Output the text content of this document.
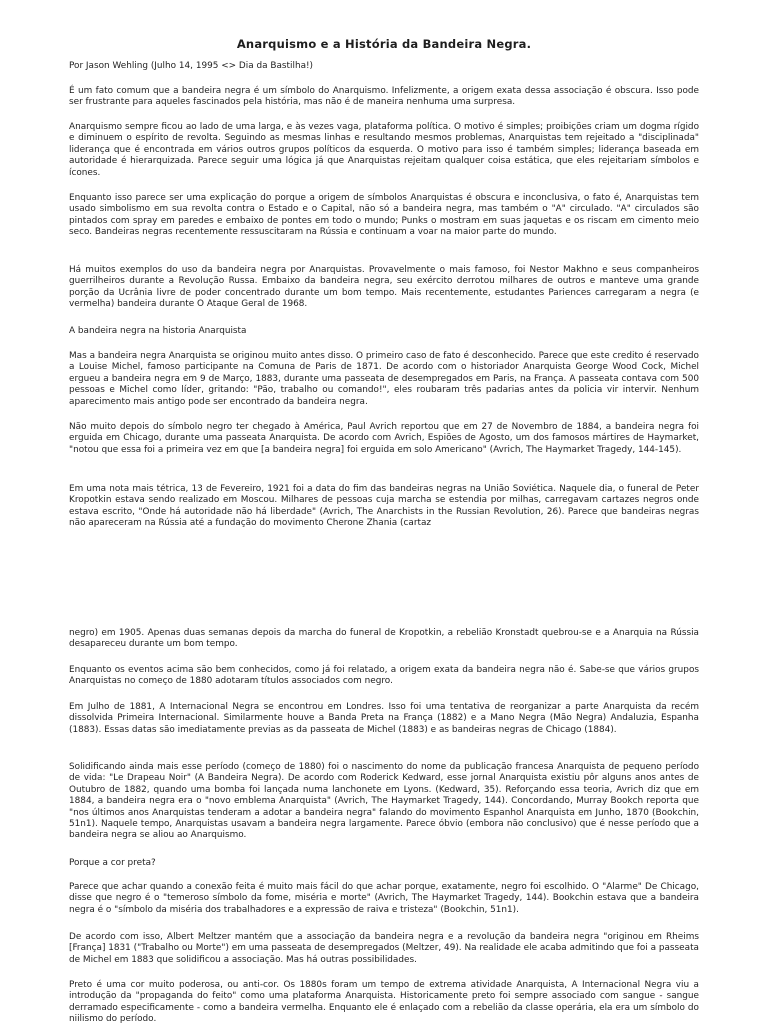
Anarquismo e a História da Bandeira Negra.

Por Jason Wehling (Julho 14, 1995 <> Dia da Bastilha!)

É um fato comum que a bandeira negra é um símbolo do Anarquismo. Infelizmente, a origem exata dessa associação é obscura. Isso pode ser frustrante para aqueles fascinados pela história, mas não é de maneira nenhuma uma surpresa.

Anarquismo sempre ficou ao lado de uma larga, e às vezes vaga, plataforma política. O motivo é simples; proibições criam um dogma rígido e diminuem o espírito de revolta. Seguindo as mesmas linhas e resultando mesmos problemas, Anarquistas tem rejeitado a "disciplinada" liderança que é encontrada em vários outros grupos políticos da esquerda. O motivo para isso é também simples; liderança baseada em autoridade é hierarquizada. Parece seguir uma lógica já que Anarquistas rejeitam qualquer coisa estática, que eles rejeitariam símbolos e ícones.

Enquanto isso parece ser uma explicação do porque a origem de símbolos Anarquistas é obscura e inconclusiva, o fato é, Anarquistas tem usado simbolismo em sua revolta contra o Estado e o Capital, não só a bandeira negra, mas também o "A" circulado. "A" circulados são pintados com spray em paredes e embaixo de pontes em todo o mundo; Punks o mostram em suas jaquetas e os riscam em cimento meio seco. Bandeiras negras recentemente ressuscitaram na Rússia e continuam a voar na maior parte do mundo.

Há muitos exemplos do uso da bandeira negra por Anarquistas. Provavelmente o mais famoso, foi Nestor Makhno e seus companheiros guerrilheiros durante a Revolução Russa. Embaixo da bandeira negra, seu exército derrotou milhares de outros e manteve uma grande porção da Ucrânia livre de poder concentrado durante um bom tempo. Mais recentemente, estudantes Pariences carregaram a negra (e vermelha) bandeira durante O Ataque Geral de 1968.

A bandeira negra na historia Anarquista

Mas a bandeira negra Anarquista se originou muito antes disso. O primeiro caso de fato é desconhecido. Parece que este credito é reservado a Louise Michel, famoso participante na Comuna de Paris de 1871. De acordo com o historiador Anarquista George Wood Cock, Michel ergueu a bandeira negra em 9 de Março, 1883, durante uma passeata de desempregados em Paris, na França. A passeata contava com 500 pessoas e Michel como líder, gritando: "Pão, trabalho ou comando!", eles roubaram três padarias antes da policia vir intervir. Nenhum aparecimento mais antigo pode ser encontrado da bandeira negra.

Não muito depois do símbolo negro ter chegado à América, Paul Avrich reportou que em 27 de Novembro de 1884, a bandeira negra foi erguida em Chicago, durante uma passeata Anarquista. De acordo com Avrich, Espiões de Agosto, um dos famosos mártires de Haymarket, "notou que essa foi a primeira vez em que [a bandeira negra] foi erguida em solo Americano" (Avrich, The Haymarket Tragedy, 144-145).

Em uma nota mais tétrica, 13 de Fevereiro, 1921 foi a data do fim das bandeiras negras na União Soviética. Naquele dia, o funeral de Peter Kropotkin estava sendo realizado em Moscou. Milhares de pessoas cuja marcha se estendia por milhas, carregavam cartazes negros onde estava escrito, "Onde há autoridade não há liberdade" (Avrich, The Anarchists in the Russian Revolution, 26). Parece que bandeiras negras não apareceram na Rússia até a fundação do movimento Cherone Zhania (cartaz

negro) em 1905. Apenas duas semanas depois da marcha do funeral de Kropotkin, a rebelião Kronstadt quebrou-se e a Anarquia na Rússia desapareceu durante um bom tempo.

Enquanto os eventos acima são bem conhecidos, como já foi relatado, a origem exata da bandeira negra não é. Sabe-se que vários grupos Anarquistas no começo de 1880 adotaram títulos associados com negro.

Em Julho de 1881, A Internacional Negra se encontrou em Londres. Isso foi uma tentativa de reorganizar a parte Anarquista da recém dissolvida Primeira Internacional. Similarmente houve a Banda Preta na França (1882) e a Mano Negra (Mão Negra) Andaluzia, Espanha (1883). Essas datas são imediatamente previas as da passeata de Michel (1883) e as bandeiras negras de Chicago (1884).

Solidificando ainda mais esse período (começo de 1880) foi o nascimento do nome da publicação francesa Anarquista de pequeno período de vida: "Le Drapeau Noir" (A Bandeira Negra). De acordo com Roderick Kedward, esse jornal Anarquista existiu pôr alguns anos antes de Outubro de 1882, quando uma bomba foi lançada numa lanchonete em Lyons. (Kedward, 35). Reforçando essa teoria, Avrich diz que em 1884, a bandeira negra era o "novo emblema Anarquista" (Avrich, The Haymarket Tragedy, 144). Concordando, Murray Bookch reporta que "nos últimos anos Anarquistas tenderam a adotar a bandeira negra" falando do movimento Espanhol Anarquista em Junho, 1870 (Bookchin, 51n1). Naquele tempo, Anarquistas usavam a bandeira negra largamente. Parece óbvio (embora não conclusivo) que é nesse período que a bandeira negra se aliou ao Anarquismo.

Porque a cor preta?

Parece que achar quando a conexão feita é muito mais fácil do que achar porque, exatamente, negro foi escolhido. O "Alarme" De Chicago, disse que negro é o "temeroso símbolo da fome, miséria e morte" (Avrich, The Haymarket Tragedy, 144). Bookchin estava que a bandeira negra é o "símbolo da miséria dos trabalhadores e a expressão de raiva e tristeza" (Bookchin, 51n1).

De acordo com isso, Albert Meltzer mantém que a associação da bandeira negra e a revolução da bandeira negra "originou em Rheims [França] 1831 ("Trabalho ou Morte") em uma passeata de desempregados (Meltzer, 49). Na realidade ele acaba admitindo que foi a passeata de Michel em 1883 que solidificou a associação. Mas há outras possibilidades.

Preto é uma cor muito poderosa, ou anti-cor. Os 1880s foram um tempo de extrema atividade Anarquista, A Internacional Negra viu a introdução da "propaganda do feito" como uma plataforma Anarquista. Historicamente preto foi sempre associado com sangue - sangue derramado especificamente - como a bandeira vermelha. Enquanto ele é enlaçado com a rebelião da classe operária, ela era um símbolo do niilismo do período.
